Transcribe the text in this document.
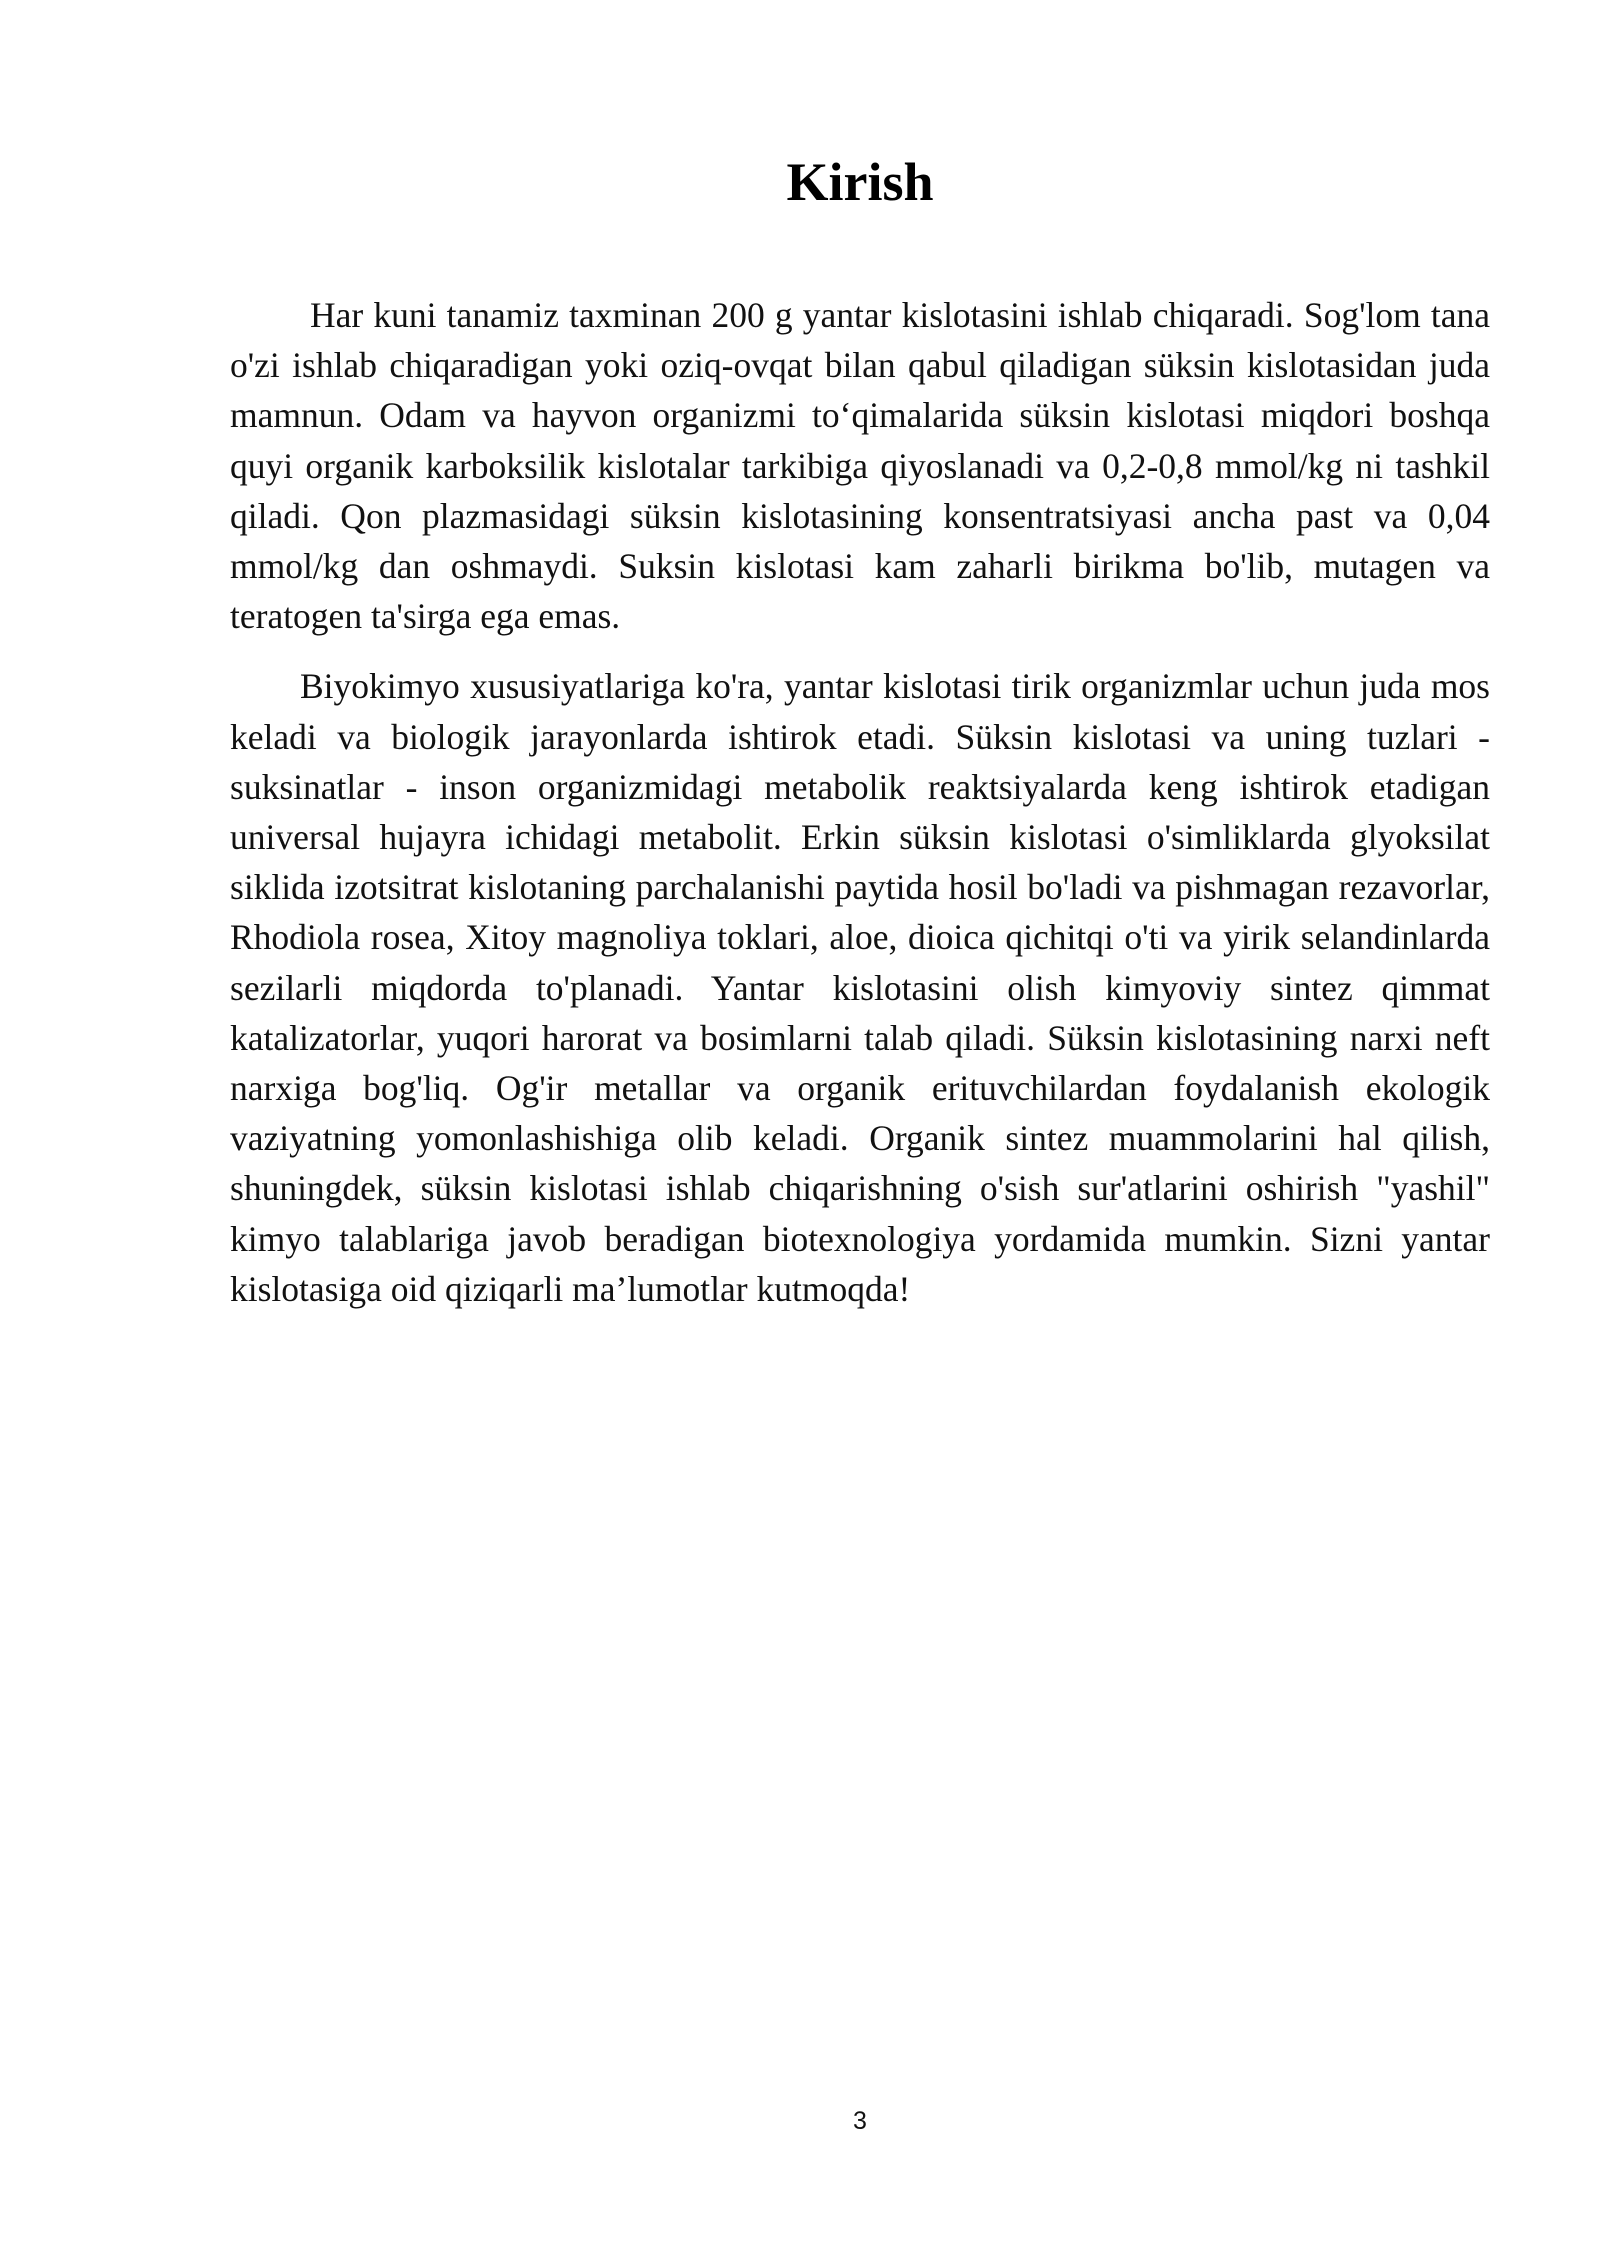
Kirish

Har kuni tanamiz taxminan 200 g yantar kislotasini ishlab chiqaradi. Sog'lom tana o'zi ishlab chiqaradigan yoki oziq-ovqat bilan qabul qiladigan süksin kislotasidan juda mamnun. Odam va hayvon organizmi to‘qimalarida süksin kislotasi miqdori boshqa quyi organik karboksilik kislotalar tarkibiga qiyoslanadi va 0,2-0,8 mmol/kg ni tashkil qiladi. Qon plazmasidagi süksin kislotasining konsentratsiyasi ancha past va 0,04 mmol/kg dan oshmaydi. Suksin kislotasi kam zaharli birikma bo'lib, mutagen va teratogen ta'sirga ega emas.

Biyokimyo xususiyatlariga ko'ra, yantar kislotasi tirik organizmlar uchun juda mos keladi va biologik jarayonlarda ishtirok etadi. Süksin kislotasi va uning tuzlari - suksinatlar - inson organizmidagi metabolik reaktsiyalarda keng ishtirok etadigan universal hujayra ichidagi metabolit. Erkin süksin kislotasi o'simliklarda glyoksilat siklida izotsitrat kislotaning parchalanishi paytida hosil bo'ladi va pishmagan rezavorlar, Rhodiola rosea, Xitoy magnoliya toklari, aloe, dioica qichitqi o'ti va yirik selandinlarda sezilarli miqdorda to'planadi. Yantar kislotasini olish kimyoviy sintez qimmat katalizatorlar, yuqori harorat va bosimlarni talab qiladi. Süksin kislotasining narxi neft narxiga bog'liq. Og'ir metallar va organik erituvchilardan foydalanish ekologik vaziyatning yomonlashishiga olib keladi. Organik sintez muammolarini hal qilish, shuningdek, süksin kislotasi ishlab chiqarishning o'sish sur'atlarini oshirish "yashil" kimyo talablariga javob beradigan biotexnologiya yordamida mumkin. Sizni yantar kislotasiga oid qiziqarli ma’lumotlar kutmoqda!

3
